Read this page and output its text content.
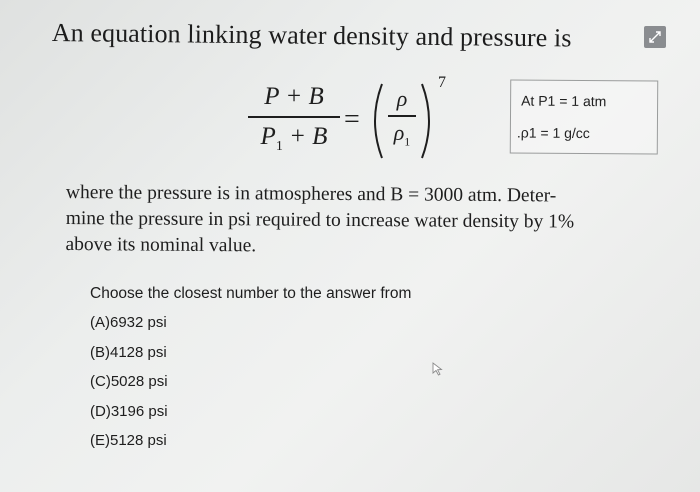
An equation linking water density and pressure is
P + B
$P_1 + B$
=
ρ
$\rho_1$
7
At P1 = 1 atm
.ρ1 = 1 g/cc
where the pressure is in atmospheres and B = 3000 atm. Deter-
mine the pressure in psi required to increase water density by 1%
above its nominal value.
Choose the closest number to the answer from
(A)6932 psi
(B)4128 psi
(C)5028 psi
(D)3196 psi
(E)5128 psi
